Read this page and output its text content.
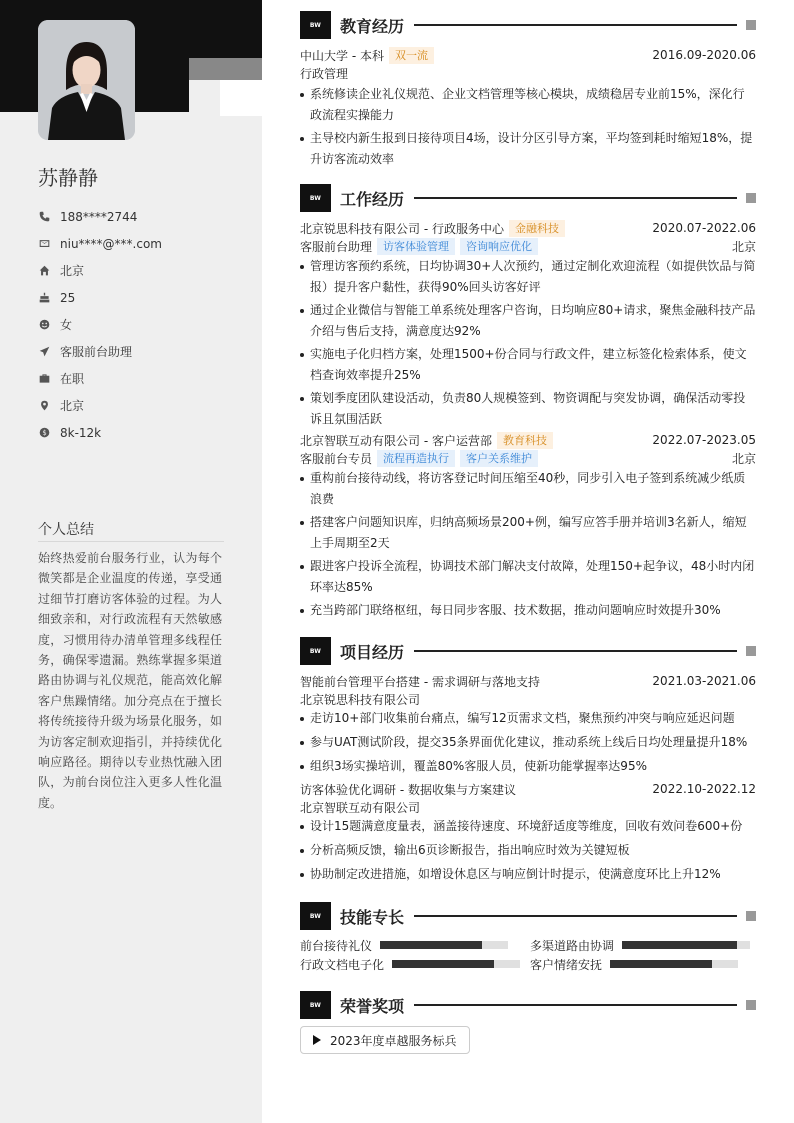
苏静静
188****2744
niu****@***.com
北京
25
女
客服前台助理
在职
北京
$ 8k-12k
个人总结
始终热爱前台服务行业，认为每个微笑都是企业温度的传递，享受通过细节打磨访客体验的过程。为人细致亲和，对行政流程有天然敏感度，习惯用待办清单管理多线程任务，确保零遗漏。熟练掌握多渠道路由协调与礼仪规范，能高效化解客户焦躁情绪。加分亮点在于擅长将传统接待升级为场景化服务，如为访客定制欢迎指引，并持续优化响应路径。期待以专业热忱融入团队，为前台岗位注入更多人性化温度。
BW	教育经历
中山大学 - 本科	双一流	2016.09-2020.06
行政管理
系统修读企业礼仪规范、企业文档管理等核心模块，成绩稳居专业前15%，深化行政流程实操能力
主导校内新生报到日接待项目4场，设计分区引导方案，平均签到耗时缩短18%，提升访客流动效率
BW	工作经历
北京锐思科技有限公司 - 行政服务中心	金融科技	2020.07-2022.06
客服前台助理	访客体验管理	咨询响应优化	北京
管理访客预约系统，日均协调30+人次预约，通过定制化欢迎流程（如提供饮品与简报）提升客户黏性，获得90%回头访客好评
通过企业微信与智能工单系统处理客户咨询，日均响应80+请求，聚焦金融科技产品介绍与售后支持，满意度达92%
实施电子化归档方案，处理1500+份合同与行政文件，建立标签化检索体系，使文档查询效率提升25%
策划季度团队建设活动，负责80人规模签到、物资调配与突发协调，确保活动零投诉且氛围活跃
北京智联互动有限公司 - 客户运营部	教育科技	2022.07-2023.05
客服前台专员	流程再造执行	客户关系维护	北京
重构前台接待动线，将访客登记时间压缩至40秒，同步引入电子签到系统减少纸质浪费
搭建客户问题知识库，归纳高频场景200+例，编写应答手册并培训3名新人，缩短上手周期至2天
跟进客户投诉全流程，协调技术部门解决支付故障，处理150+起争议，48小时内闭环率达85%
充当跨部门联络枢纽，每日同步客服、技术数据，推动问题响应时效提升30%
BW	项目经历
智能前台管理平台搭建 - 需求调研与落地支持	2021.03-2021.06
北京锐思科技有限公司
走访10+部门收集前台痛点，编写12页需求文档，聚焦预约冲突与响应延迟问题
参与UAT测试阶段，提交35条界面优化建议，推动系统上线后日均处理量提升18%
组织3场实操培训，覆盖80%客服人员，使新功能掌握率达95%
访客体验优化调研 - 数据收集与方案建议	2022.10-2022.12
北京智联互动有限公司
设计15题满意度量表，涵盖接待速度、环境舒适度等维度，回收有效问卷600+份
分析高频反馈，输出6页诊断报告，指出响应时效为关键短板
协助制定改进措施，如增设休息区与响应倒计时提示，使满意度环比上升12%
BW	技能专长
前台接待礼仪	多渠道路由协调
行政文档电子化	客户情绪安抚
BW	荣誉奖项
2023年度卓越服务标兵
